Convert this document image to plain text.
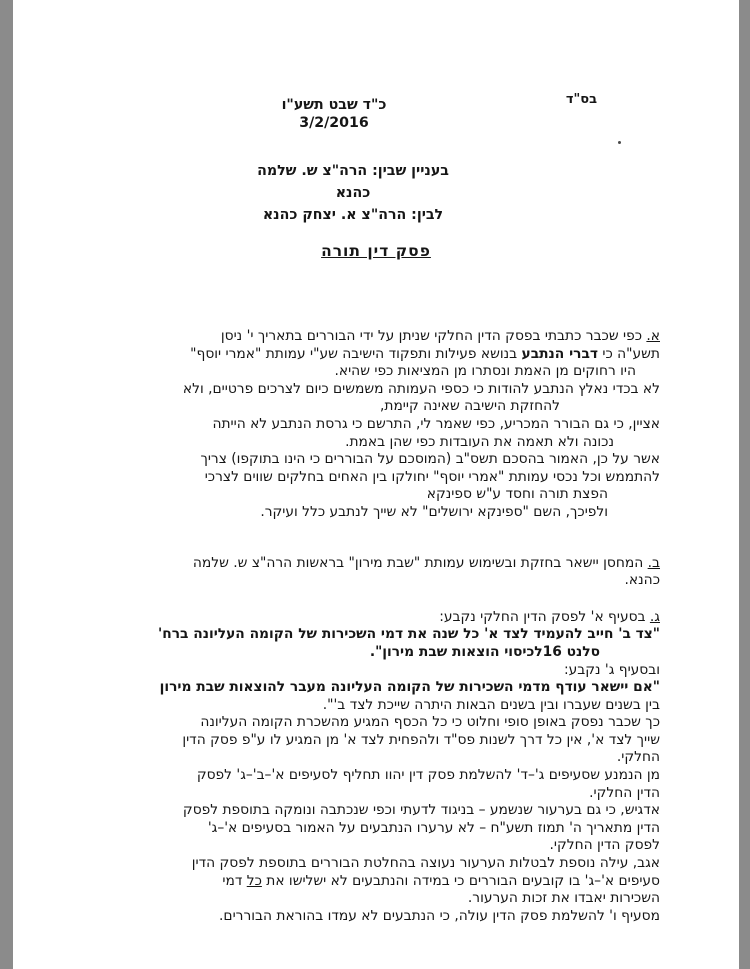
בס"ד
כ"ד שבט תשע"ו
3/2/2016
בעניין שבין: הרה"צ ש. שלמה כהנא
לבין: הרה"צ א. יצחק כהנא
פסק דין תורה
א. כפי שכבר כתבתי בפסק הדין החלקי שניתן על ידי הבוררים בתאריך י' ניסן
תשע"ה כי דברי הנתבע בנושא פעילות ותפקוד הישיבה שע"י עמותת "אמרי יוסף"
היו רחוקים מן האמת ונסתרו מן המציאות כפי שהיא.
לא בכדי נאלץ הנתבע להודות כי כספי העמותה משמשים כיום לצרכים פרטיים, ולא
להחזקת הישיבה שאינה קיימת,
אציין, כי גם הבורר המכריע, כפי שאמר לי, התרשם כי גרסת הנתבע לא הייתה
נכונה ולא תאמה את העובדות כפי שהן באמת.
אשר על כן, האמור בהסכם תשס"ב (המוסכם על הבוררים כי הינו בתוקפו) צריך
להתממש וכל נכסי עמותת "אמרי יוסף" יחולקו בין האחים בחלקים שווים לצרכי
הפצת תורה וחסד ע"ש ספינקא
ולפיכך, השם "ספינקא ירושלים" לא שייך לנתבע כלל ועיקר.
ב. המחסן יישאר בחזקת ובשימוש עמותת "שבת מירון" בראשות הרה"צ ש. שלמה
כהנא.
ג. בסעיף א' לפסק הדין החלקי נקבע:
"צד ב' חייב להעמיד לצד א' כל שנה את דמי השכירות של הקומה העליונה ברח'
סלנט 16לכיסוי הוצאות שבת מירון".
ובסעיף ג' נקבע:
"אם יישאר עודף מדמי השכירות של הקומה העליונה מעבר להוצאות שבת מירון
בין בשנים שעברו ובין בשנים הבאות היתרה שייכת לצד ב'".
כך שכבר נפסק באופן סופי וחלוט כי כל הכסף המגיע מהשכרת הקומה העליונה
שייך לצד א', אין כל דרך לשנות פס"ד ולהפחית לצד א' מן המגיע לו ע"פ פסק הדין
החלקי.
מן הנמנע שסעיפים ג'–ד' להשלמת פסק דין יהוו תחליף לסעיפים א'–ב'–ג' לפסק
הדין החלקי.
אדגיש, כי גם בערעור שנשמע – בניגוד לדעתי וכפי שנכתבה ונומקה בתוספת לפסק
הדין מתאריך ה' תמוז תשע"ח – לא ערערו הנתבעים על האמור בסעיפים א'–ג'
לפסק הדין החלקי.
אגב, עילה נוספת לבטלות הערעור נעוצה בהחלטת הבוררים בתוספת לפסק הדין
סעיפים א'–ג' בו קובעים הבוררים כי במידה והנתבעים לא ישלישו את כל דמי
השכירות יאבדו את זכות הערעור.
מסעיף ו' להשלמת פסק הדין עולה, כי הנתבעים לא עמדו בהוראת הבוררים.
